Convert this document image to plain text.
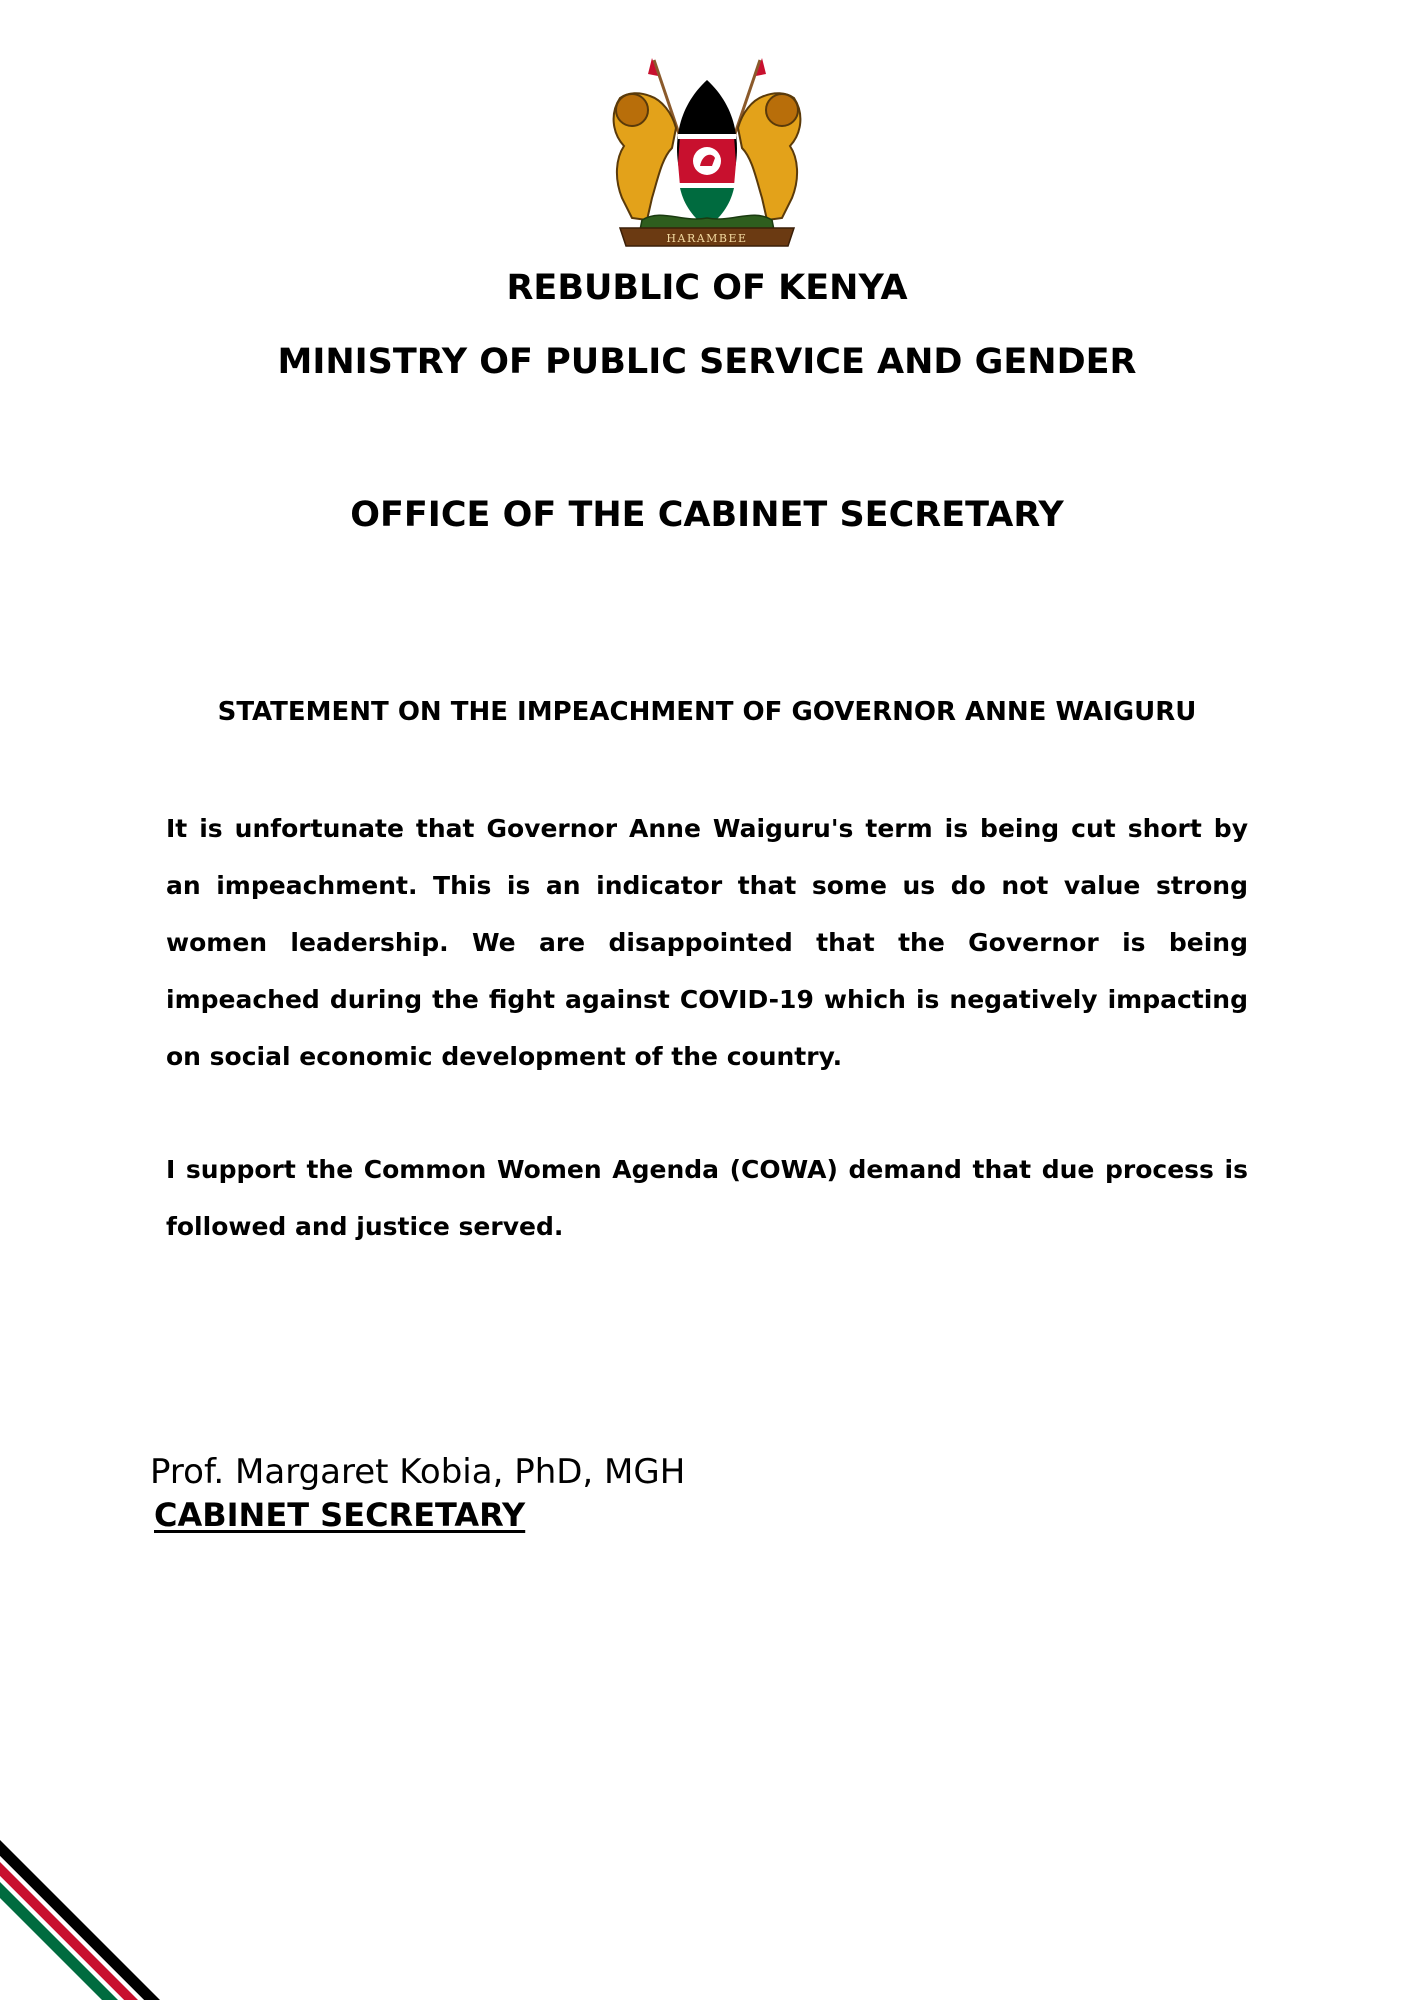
HARAMBEE
REBUBLIC OF KENYA
MINISTRY OF PUBLIC SERVICE AND GENDER
OFFICE OF THE CABINET SECRETARY
STATEMENT ON THE IMPEACHMENT OF GOVERNOR ANNE WAIGURU

It is unfortunate that Governor Anne Waiguru's term is being cut short by an impeachment. This is an indicator that some us do not value strong women leadership. We are disappointed that the Governor is being impeached during the fight against COVID-19 which is negatively impacting on social economic development of the country.

I support the Common Women Agenda (COWA) demand that due process is followed and justice served.

Prof. Margaret Kobia, PhD, MGH

CABINET SECRETARY
